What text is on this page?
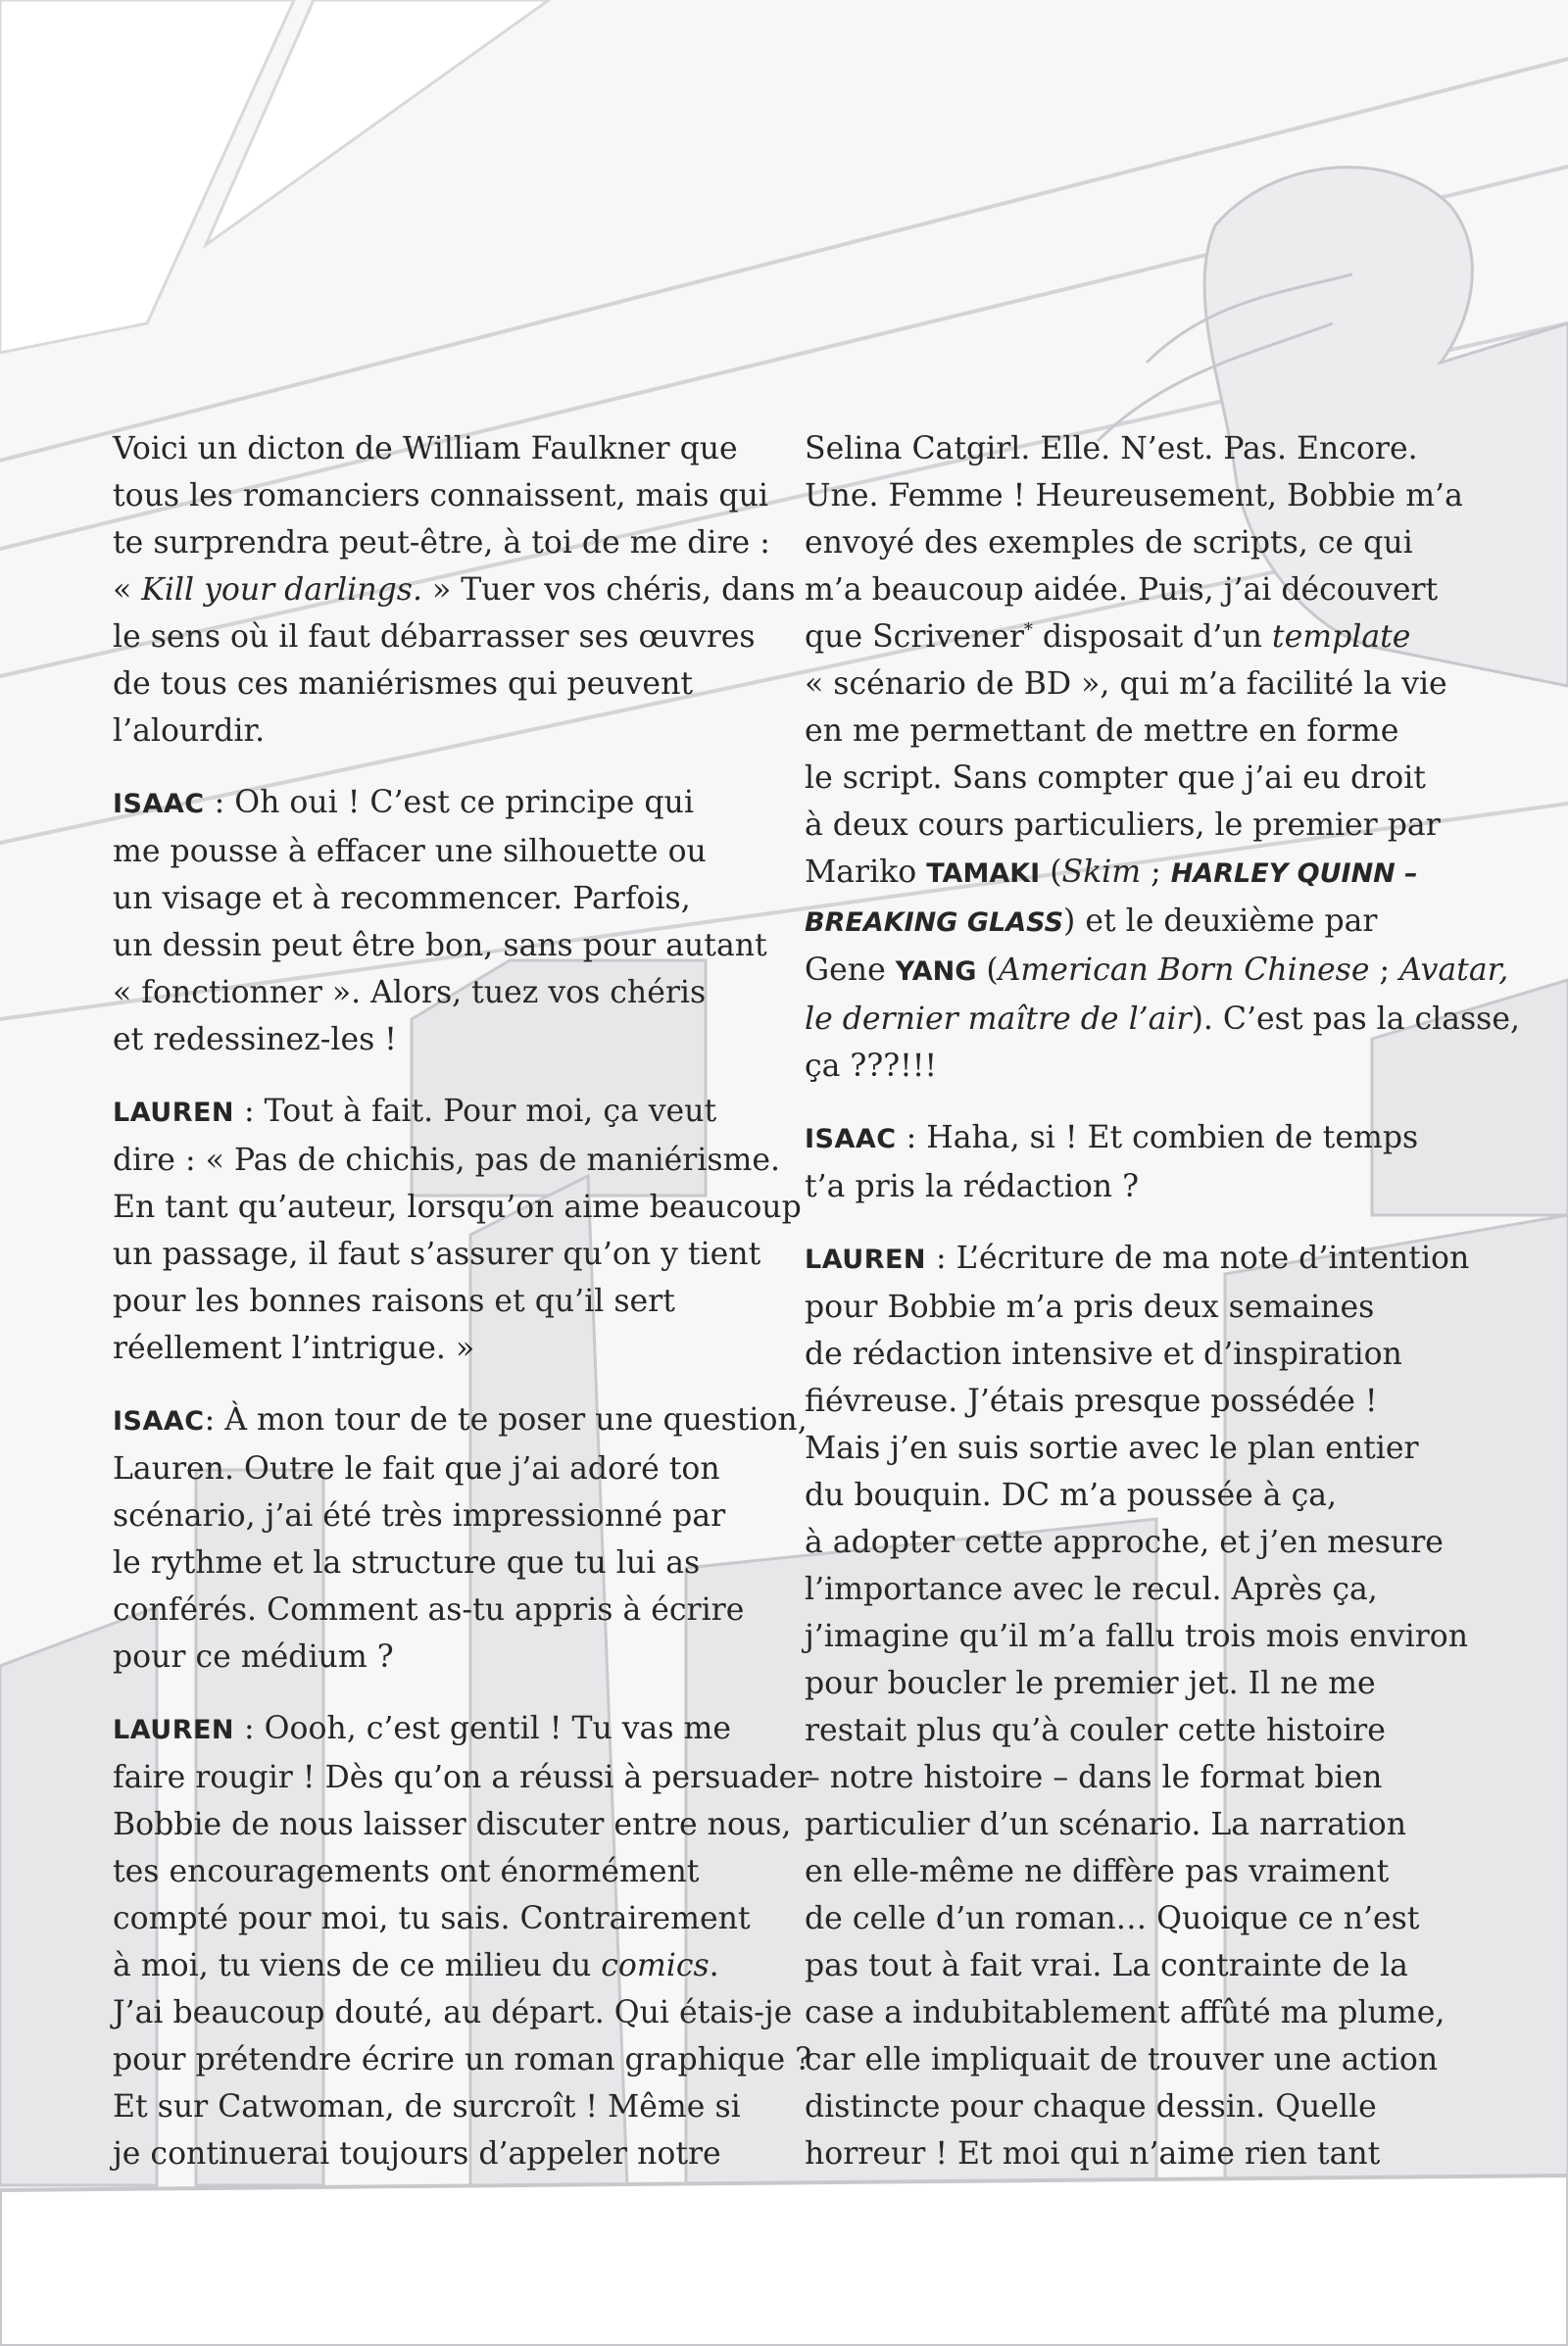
Voici un dicton de William Faulkner que
tous les romanciers connaissent, mais qui
te surprendra peut-être, à toi de me dire :
« Kill your darlings. » Tuer vos chéris, dans
le sens où il faut débarrasser ses œuvres
de tous ces maniérismes qui peuvent
l’alourdir.
ISAAC : Oh oui ! C’est ce principe qui
me pousse à effacer une silhouette ou
un visage et à recommencer. Parfois,
un dessin peut être bon, sans pour autant
« fonctionner ». Alors, tuez vos chéris
et redessinez-les !
LAUREN : Tout à fait. Pour moi, ça veut
dire : « Pas de chichis, pas de maniérisme.
En tant qu’auteur, lorsqu’on aime beaucoup
un passage, il faut s’assurer qu’on y tient
pour les bonnes raisons et qu’il sert
réellement l’intrigue. »
ISAAC: À mon tour de te poser une question,
Lauren. Outre le fait que j’ai adoré ton
scénario, j’ai été très impressionné par
le rythme et la structure que tu lui as
conférés. Comment as-tu appris à écrire
pour ce médium ?
LAUREN : Oooh, c’est gentil ! Tu vas me
faire rougir ! Dès qu’on a réussi à persuader
Bobbie de nous laisser discuter entre nous,
tes encouragements ont énormément
compté pour moi, tu sais. Contrairement
à moi, tu viens de ce milieu du comics.
J’ai beaucoup douté, au départ. Qui étais-je
pour prétendre écrire un roman graphique ?
Et sur Catwoman, de surcroît ! Même si
je continuerai toujours d’appeler notre
Selina Catgirl. Elle. N’est. Pas. Encore.
Une. Femme ! Heureusement, Bobbie m’a
envoyé des exemples de scripts, ce qui
m’a beaucoup aidée. Puis, j’ai découvert
que Scrivener* disposait d’un template
« scénario de BD », qui m’a facilité la vie
en me permettant de mettre en forme
le script. Sans compter que j’ai eu droit
à deux cours particuliers, le premier par
Mariko TAMAKI (Skim ; HARLEY QUINN –
BREAKING GLASS) et le deuxième par
Gene YANG (American Born Chinese ; Avatar,
le dernier maître de l’air). C’est pas la classe,
ça ???!!!
ISAAC : Haha, si ! Et combien de temps
t’a pris la rédaction ?
LAUREN : L’écriture de ma note d’intention
pour Bobbie m’a pris deux semaines
de rédaction intensive et d’inspiration
fiévreuse. J’étais presque possédée !
Mais j’en suis sortie avec le plan entier
du bouquin. DC m’a poussée à ça,
à adopter cette approche, et j’en mesure
l’importance avec le recul. Après ça,
j’imagine qu’il m’a fallu trois mois environ
pour boucler le premier jet. Il ne me
restait plus qu’à couler cette histoire
– notre histoire – dans le format bien
particulier d’un scénario. La narration
en elle-même ne diffère pas vraiment
de celle d’un roman… Quoique ce n’est
pas tout à fait vrai. La contrainte de la
case a indubitablement affûté ma plume,
car elle impliquait de trouver une action
distincte pour chaque dessin. Quelle
horreur ! Et moi qui n’aime rien tant
